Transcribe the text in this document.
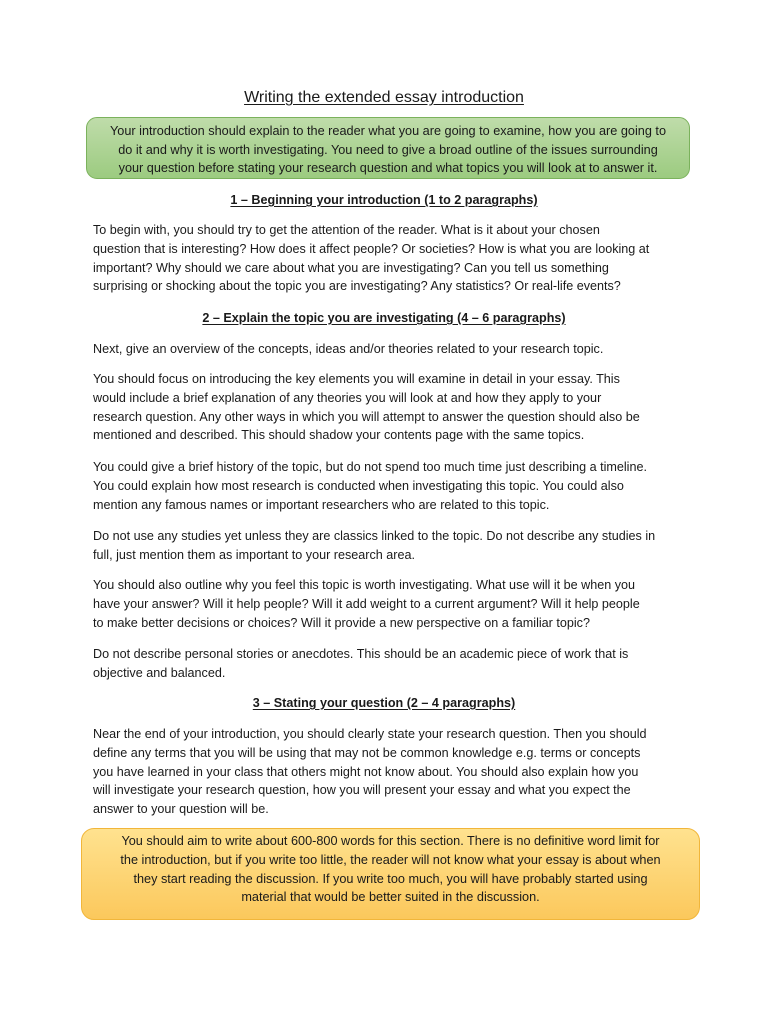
Writing the extended essay introduction
Your introduction should explain to the reader what you are going to examine, how you are going to
do it and why it is worth investigating. You need to give a broad outline of the issues surrounding
your question before stating your research question and what topics you will look at to answer it.
1 – Beginning your introduction (1 to 2 paragraphs)

To begin with, you should try to get the attention of the reader. What is it about your chosen
question that is interesting? How does it affect people? Or societies? How is what you are looking at
important? Why should we care about what you are investigating? Can you tell us something
surprising or shocking about the topic you are investigating? Any statistics? Or real-life events?

2 – Explain the topic you are investigating (4 – 6 paragraphs)

Next, give an overview of the concepts, ideas and/or theories related to your research topic.

You should focus on introducing the key elements you will examine in detail in your essay. This
would include a brief explanation of any theories you will look at and how they apply to your
research question. Any other ways in which you will attempt to answer the question should also be
mentioned and described. This should shadow your contents page with the same topics.

You could give a brief history of the topic, but do not spend too much time just describing a timeline.
You could explain how most research is conducted when investigating this topic. You could also
mention any famous names or important researchers who are related to this topic.

Do not use any studies yet unless they are classics linked to the topic. Do not describe any studies in
full, just mention them as important to your research area.

You should also outline why you feel this topic is worth investigating. What use will it be when you
have your answer? Will it help people? Will it add weight to a current argument? Will it help people
to make better decisions or choices? Will it provide a new perspective on a familiar topic?

Do not describe personal stories or anecdotes. This should be an academic piece of work that is
objective and balanced.

3 – Stating your question (2 – 4 paragraphs)

Near the end of your introduction, you should clearly state your research question. Then you should
define any terms that you will be using that may not be common knowledge e.g. terms or concepts
you have learned in your class that others might not know about. You should also explain how you
will investigate your research question, how you will present your essay and what you expect the
answer to your question will be.

You should aim to write about 600-800 words for this section. There is no definitive word limit for
the introduction, but if you write too little, the reader will not know what your essay is about when
they start reading the discussion. If you write too much, you will have probably started using
material that would be better suited in the discussion.
